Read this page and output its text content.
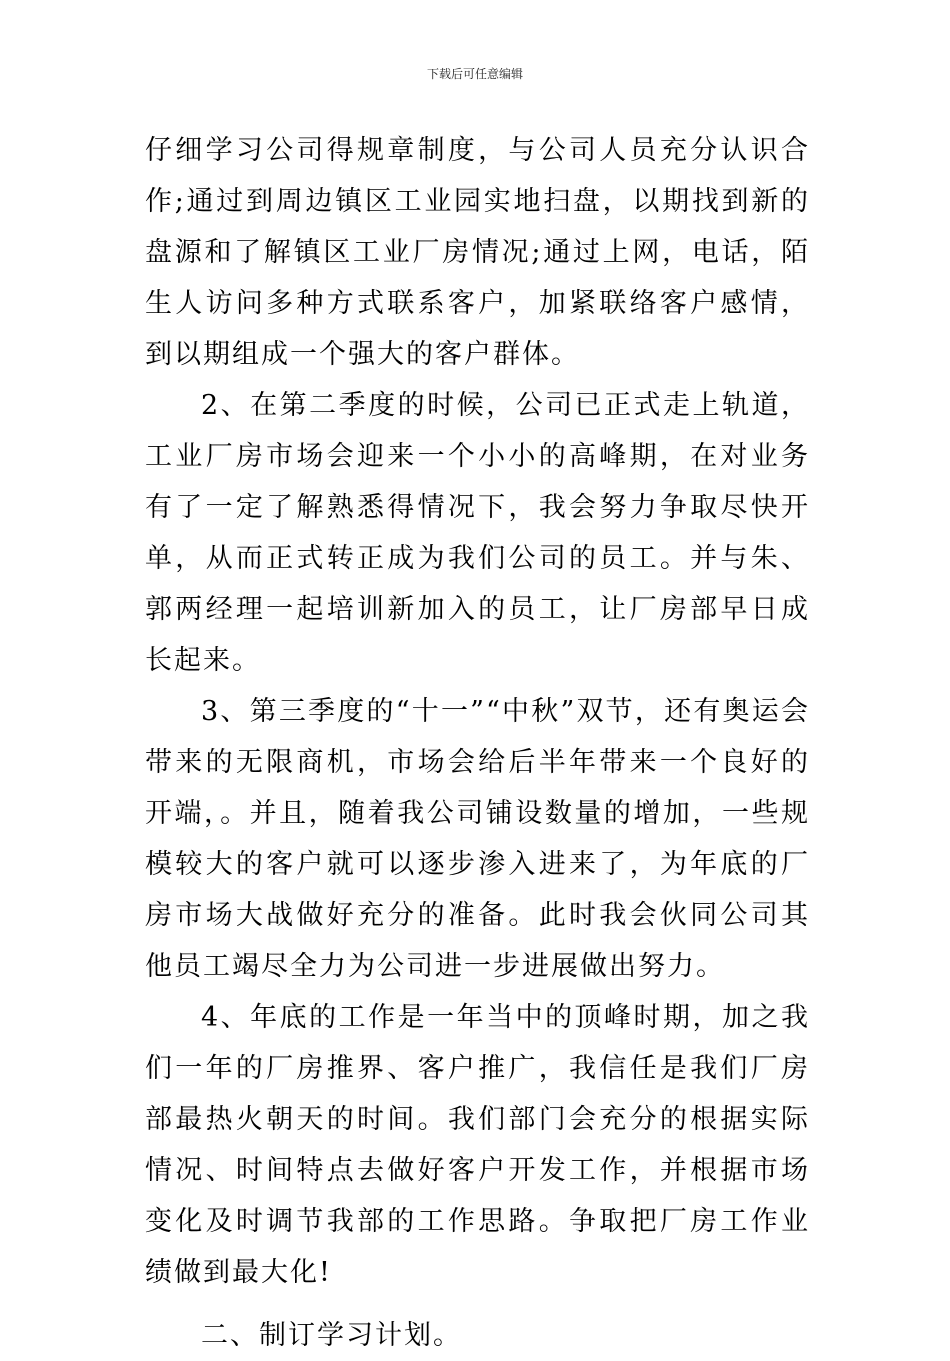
下载后可任意编辑

仔细学习公司得规章制度，与公司人员充分认识合作;通过到周边镇区工业园实地扫盘，以期找到新的盘源和了解镇区工业厂房情况;通过上网，电话，陌生人访问多种方式联系客户，加紧联络客户感情，到以期组成一个强大的客户群体。

2、在第二季度的时候，公司已正式走上轨道，工业厂房市场会迎来一个小小的高峰期，在对业务有了一定了解熟悉得情况下，我会努力争取尽快开单，从而正式转正成为我们公司的员工。并与朱、郭两经理一起培训新加入的员工，让厂房部早日成长起来。

3、第三季度的“十一”“中秋”双节，还有奥运会带来的无限商机，市场会给后半年带来一个良好的开端，。并且，随着我公司铺设数量的增加，一些规模较大的客户就可以逐步渗入进来了，为年底的厂房市场大战做好充分的准备。此时我会伙同公司其他员工竭尽全力为公司进一步进展做出努力。

4、年底的工作是一年当中的顶峰时期，加之我们一年的厂房推界、客户推广，我信任是我们厂房部最热火朝天的时间。我们部门会充分的根据实际情况、时间特点去做好客户开发工作，并根据市场变化及时调节我部的工作思路。争取把厂房工作业绩做到最大化!

二、制订学习计划。
